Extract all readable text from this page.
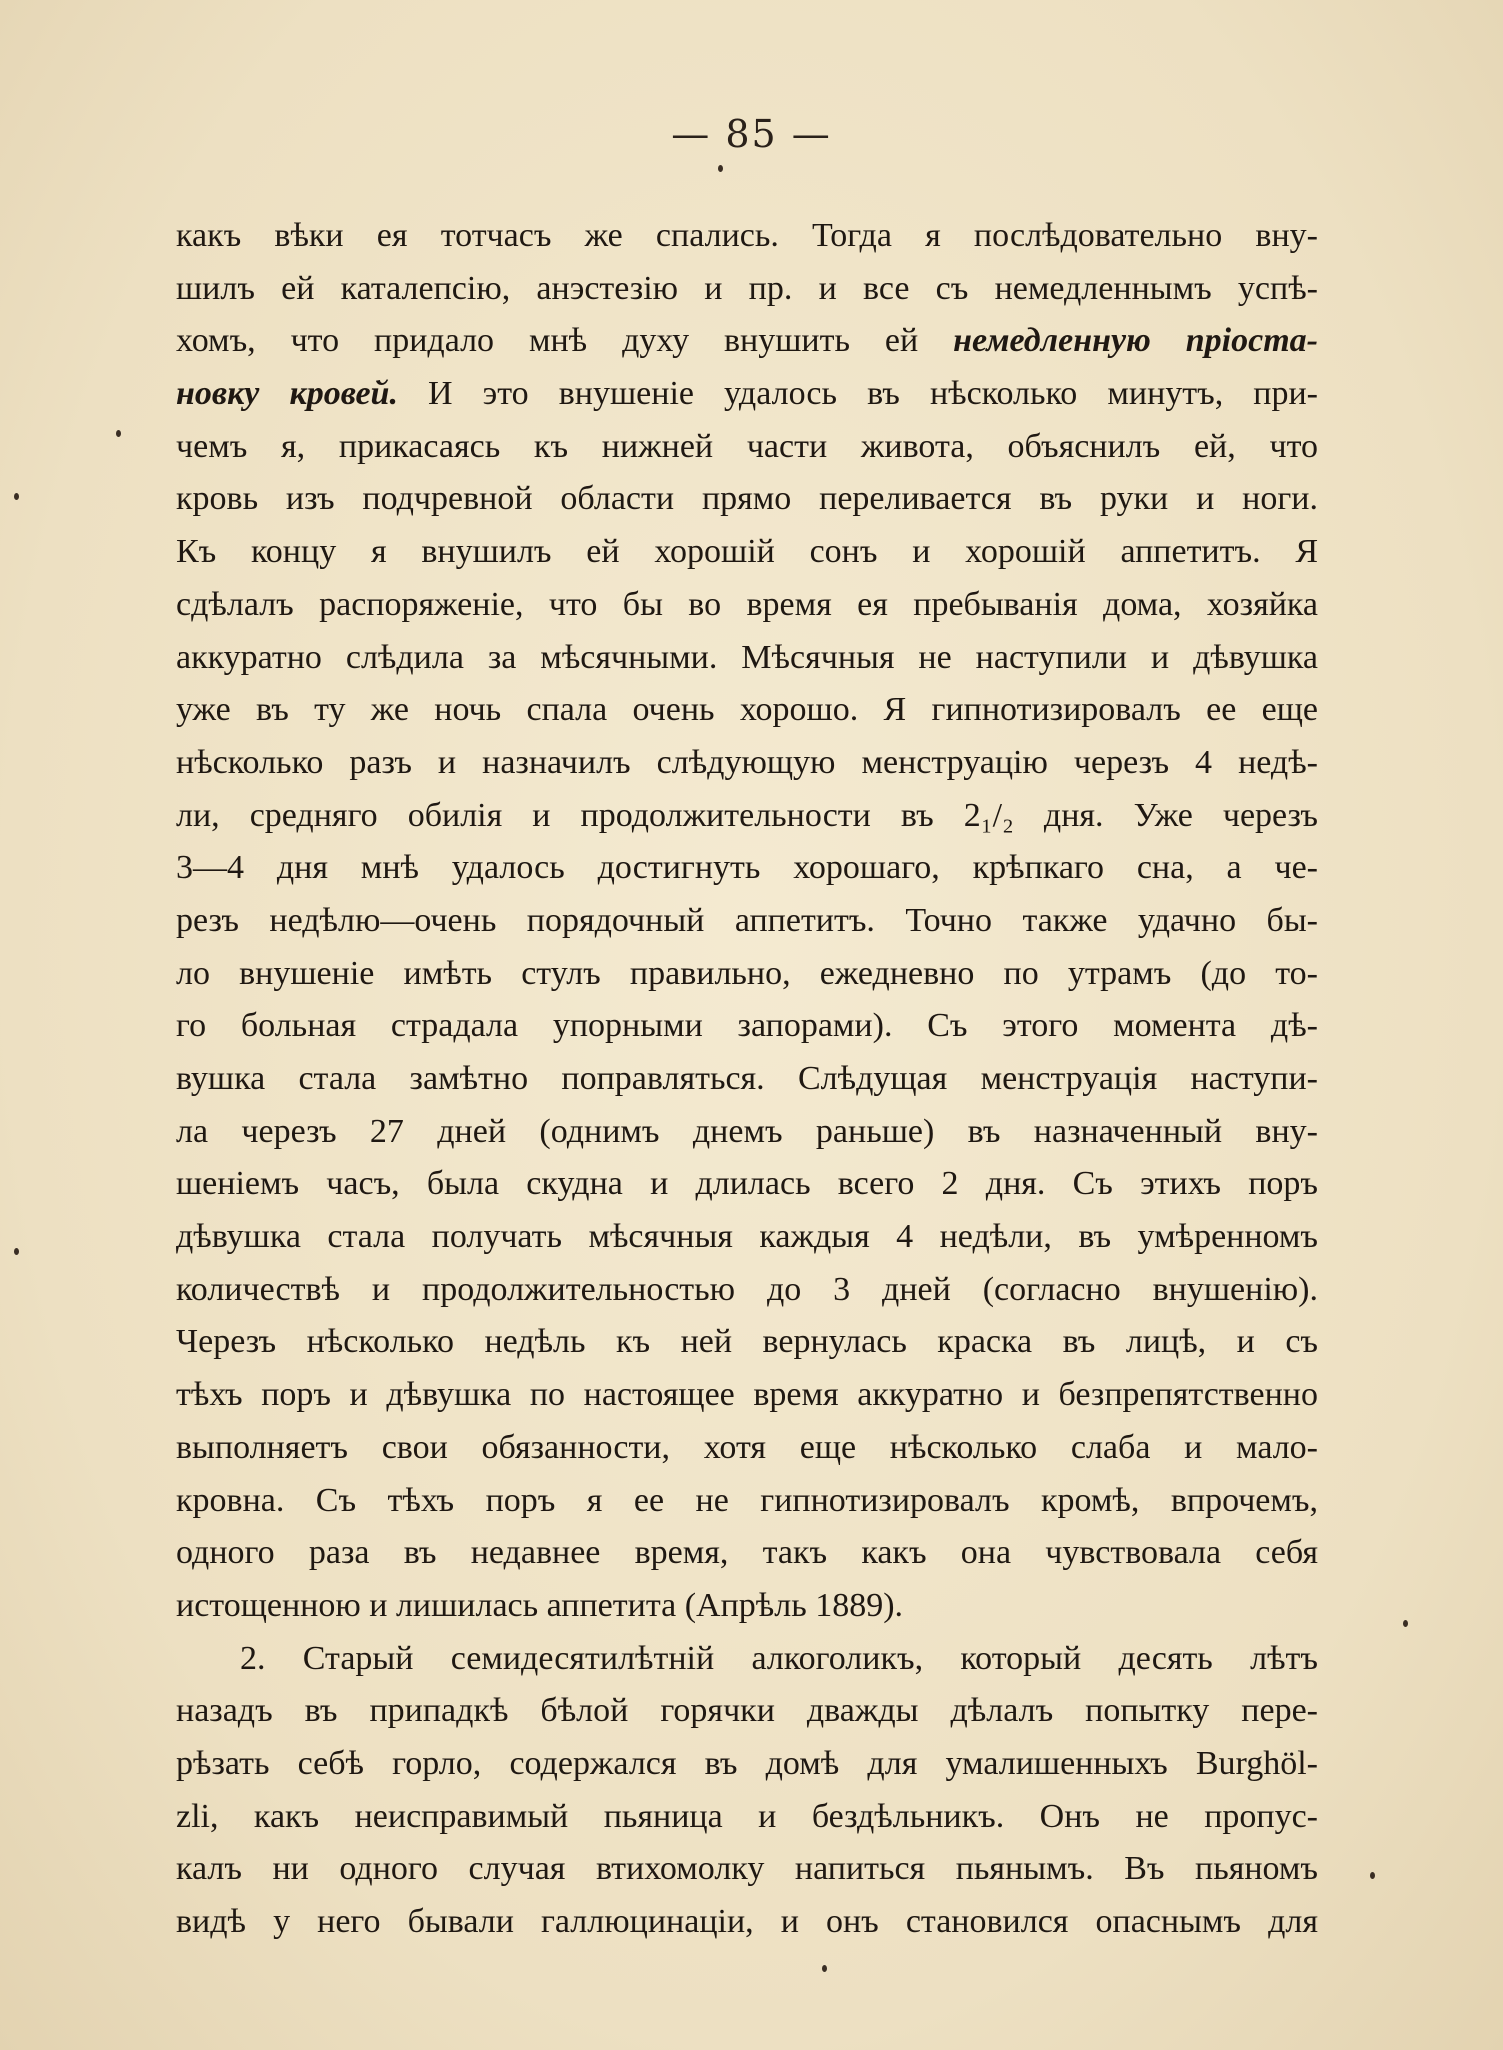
— 85 —
какъ вѣки ея тотчасъ же спались. Тогда я послѣдовательно вну-
шилъ ей каталепсію, анэстезію и пр. и все съ немедленнымъ успѣ-
хомъ, что придало мнѣ духу внушить ей немедленную пріоста-
новку кровей. И это внушеніе удалось въ нѣсколько минутъ, при-
чемъ я, прикасаясь къ нижней части живота, объяснилъ ей, что
кровь изъ подчревной области прямо переливается въ руки и ноги.
Къ концу я внушилъ ей хорошій сонъ и хорошій аппетитъ. Я
сдѣлалъ распоряженіе, что бы во время ея пребыванія дома, хозяйка
аккуратно слѣдила за мѣсячными. Мѣсячныя не наступили и дѣвушка
уже въ ту же ночь спала очень хорошо. Я гипнотизировалъ ее еще
нѣсколько разъ и назначилъ слѣдующую менструацію черезъ 4 недѣ-
ли, средняго обилія и продолжительности въ 2₁/₂ дня. Уже черезъ
3—4 дня мнѣ удалось достигнуть хорошаго, крѣпкаго сна, а че-
резъ недѣлю—очень порядочный аппетитъ. Точно также удачно бы-
ло внушеніе имѣть стулъ правильно, ежедневно по утрамъ (до то-
го больная страдала упорными запорами). Съ этого момента дѣ-
вушка стала замѣтно поправляться. Слѣдущая менструація наступи-
ла черезъ 27 дней (однимъ днемъ раньше) въ назначенный вну-
шеніемъ часъ, была скудна и длилась всего 2 дня. Съ этихъ поръ
дѣвушка стала получать мѣсячныя каждыя 4 недѣли, въ умѣренномъ
количествѣ и продолжительностью до 3 дней (согласно внушенію).
Черезъ нѣсколько недѣль къ ней вернулась краска въ лицѣ, и съ
тѣхъ поръ и дѣвушка по настоящее время аккуратно и безпрепятственно
выполняетъ свои обязанности, хотя еще нѣсколько слаба и мало-
кровна. Съ тѣхъ поръ я ее не гипнотизировалъ кромѣ, впрочемъ,
одного раза въ недавнее время, такъ какъ она чувствовала себя
истощенною и лишилась аппетита (Апрѣль 1889).
2. Старый семидесятилѣтній алкоголикъ, который десять лѣтъ
назадъ въ припадкѣ бѣлой горячки дважды дѣлалъ попытку пере-
рѣзать себѣ горло, содержался въ домѣ для умалишенныхъ Burghöl-
zli, какъ неисправимый пьяница и бездѣльникъ. Онъ не пропус-
калъ ни одного случая втихомолку напиться пьянымъ. Въ пьяномъ
видѣ у него бывали галлюцинаціи, и онъ становился опаснымъ для
